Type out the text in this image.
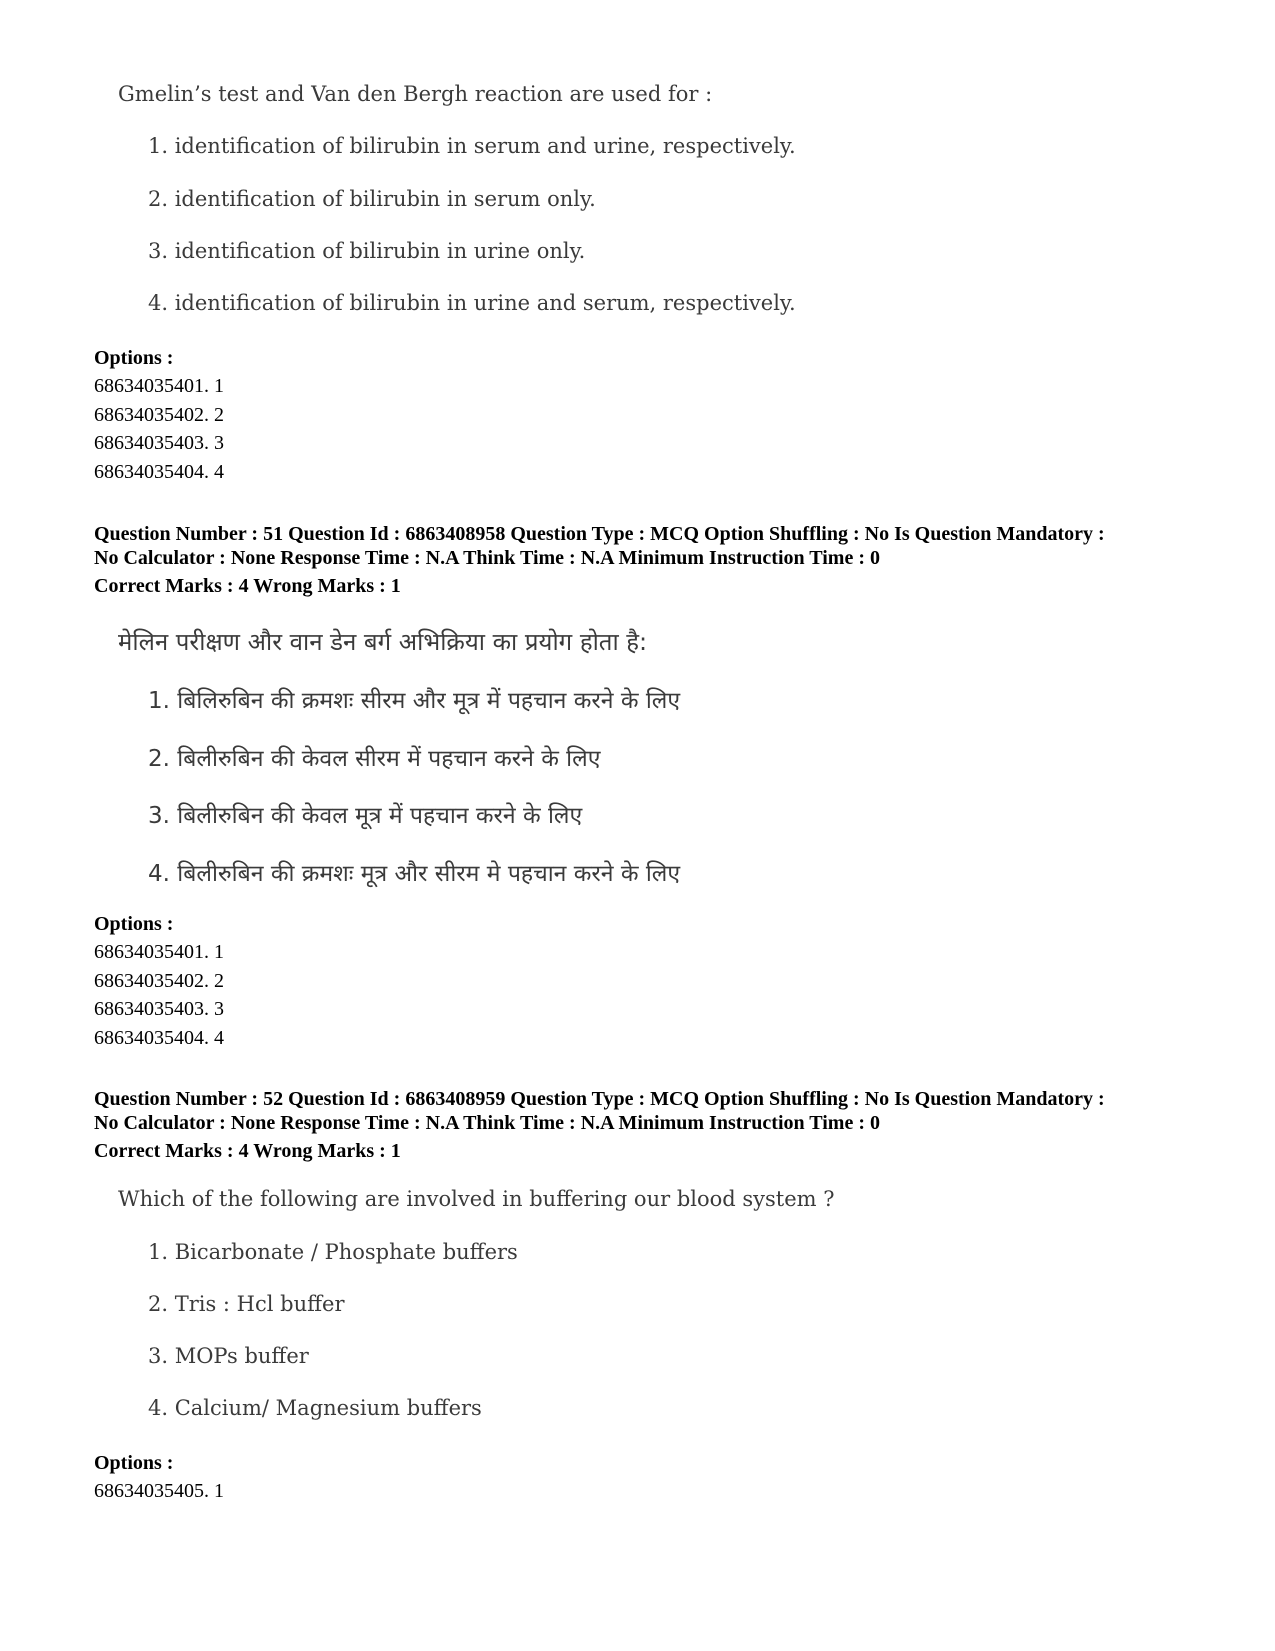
Gmelin’s test and Van den Bergh reaction are used for :
1. identification of bilirubin in serum and urine, respectively.
2. identification of bilirubin in serum only.
3. identification of bilirubin in urine only.
4. identification of bilirubin in urine and serum, respectively.
Options :
68634035401. 1
68634035402. 2
68634035403. 3
68634035404. 4
Question Number : 51 Question Id : 6863408958 Question Type : MCQ Option Shuffling : No Is Question Mandatory :
No Calculator : None Response Time : N.A Think Time : N.A Minimum Instruction Time : 0
Correct Marks : 4 Wrong Marks : 1
मेलिन परीक्षण और वान डेन बर्ग अभिक्रिया का प्रयोग होता है:
1. बिलिरुबिन की क्रमशः सीरम और मूत्र में पहचान करने के लिए
2. बिलीरुबिन की केवल सीरम में पहचान करने के लिए
3. बिलीरुबिन की केवल मूत्र में पहचान करने के लिए
4. बिलीरुबिन की क्रमशः मूत्र और सीरम मे पहचान करने के लिए
Options :
68634035401. 1
68634035402. 2
68634035403. 3
68634035404. 4
Question Number : 52 Question Id : 6863408959 Question Type : MCQ Option Shuffling : No Is Question Mandatory :
No Calculator : None Response Time : N.A Think Time : N.A Minimum Instruction Time : 0
Correct Marks : 4 Wrong Marks : 1
Which of the following are involved in buffering our blood system ?
1. Bicarbonate / Phosphate buffers
2. Tris : Hcl buffer
3. MOPs buffer
4. Calcium/ Magnesium buffers
Options :
68634035405. 1
